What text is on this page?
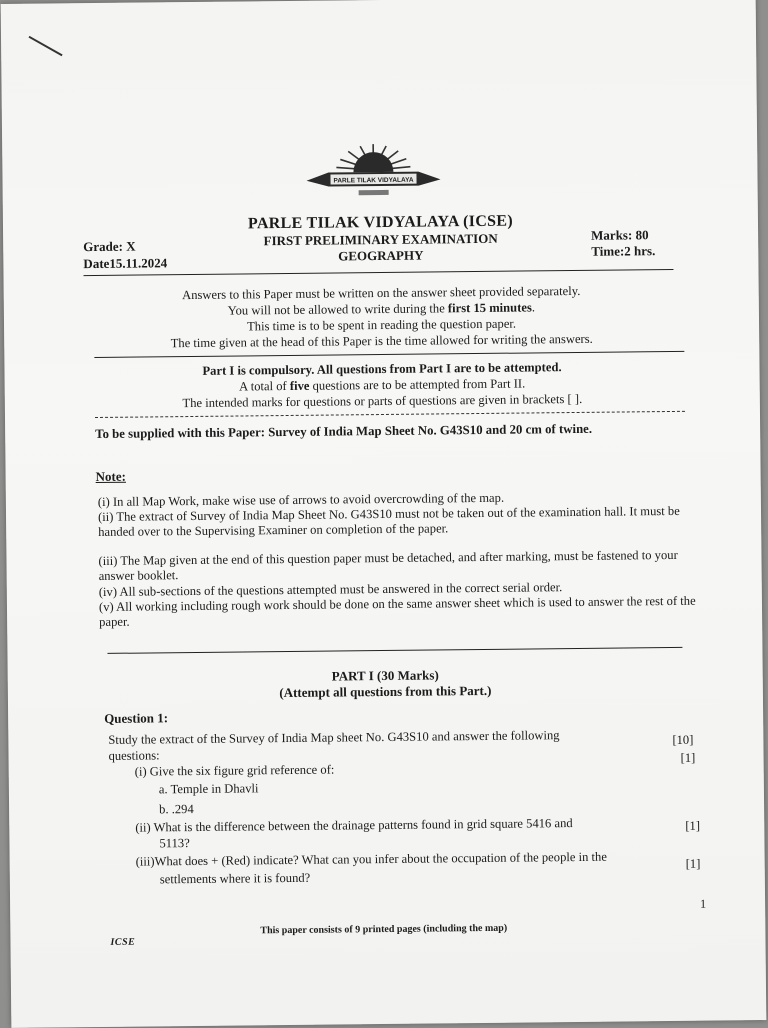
PARLE TILAK VIDYALAYA
PARLE TILAK VIDYALAYA (ICSE)
FIRST PRELIMINARY EXAMINATION
GEOGRAPHY
Grade: X
Date15.11.2024
Marks: 80
Time:2 hrs.
Answers to this Paper must be written on the answer sheet provided separately.
You will not be allowed to write during the first 15 minutes.
This time is to be spent in reading the question paper.
The time given at the head of this Paper is the time allowed for writing the answers.
Part I is compulsory. All questions from Part I are to be attempted.
A total of five questions are to be attempted from Part II.
The intended marks for questions or parts of questions are given in brackets [ ].
To be supplied with this Paper: Survey of India Map Sheet No. G43S10 and 20 cm of twine.
Note:
(i) In all Map Work, make wise use of arrows to avoid overcrowding of the map.
(ii) The extract of Survey of India Map Sheet No. G43S10 must not be taken out of the examination hall. It must be handed over to the Supervising Examiner on completion of the paper.
(iii) The Map given at the end of this question paper must be detached, and after marking, must be fastened to your answer booklet.
(iv) All sub-sections of the questions attempted must be answered in the correct serial order.
(v) All working including rough work should be done on the same answer sheet which is used to answer the rest of the paper.
PART I (30 Marks)
(Attempt all questions from this Part.)
Question 1:
Study the extract of the Survey of India Map sheet No. G43S10 and answer the following
questions:
[10]
(i) Give the six figure grid reference of:
[1]
a. Temple in Dhavli
b. .294
(ii) What is the difference between the drainage patterns found in grid square 5416 and
5113?
[1]
(iii)What does + (Red) indicate? What can you infer about the occupation of the people in the
settlements where it is found?
[1]
1
ICSE
This paper consists of 9 printed pages (including the map)
